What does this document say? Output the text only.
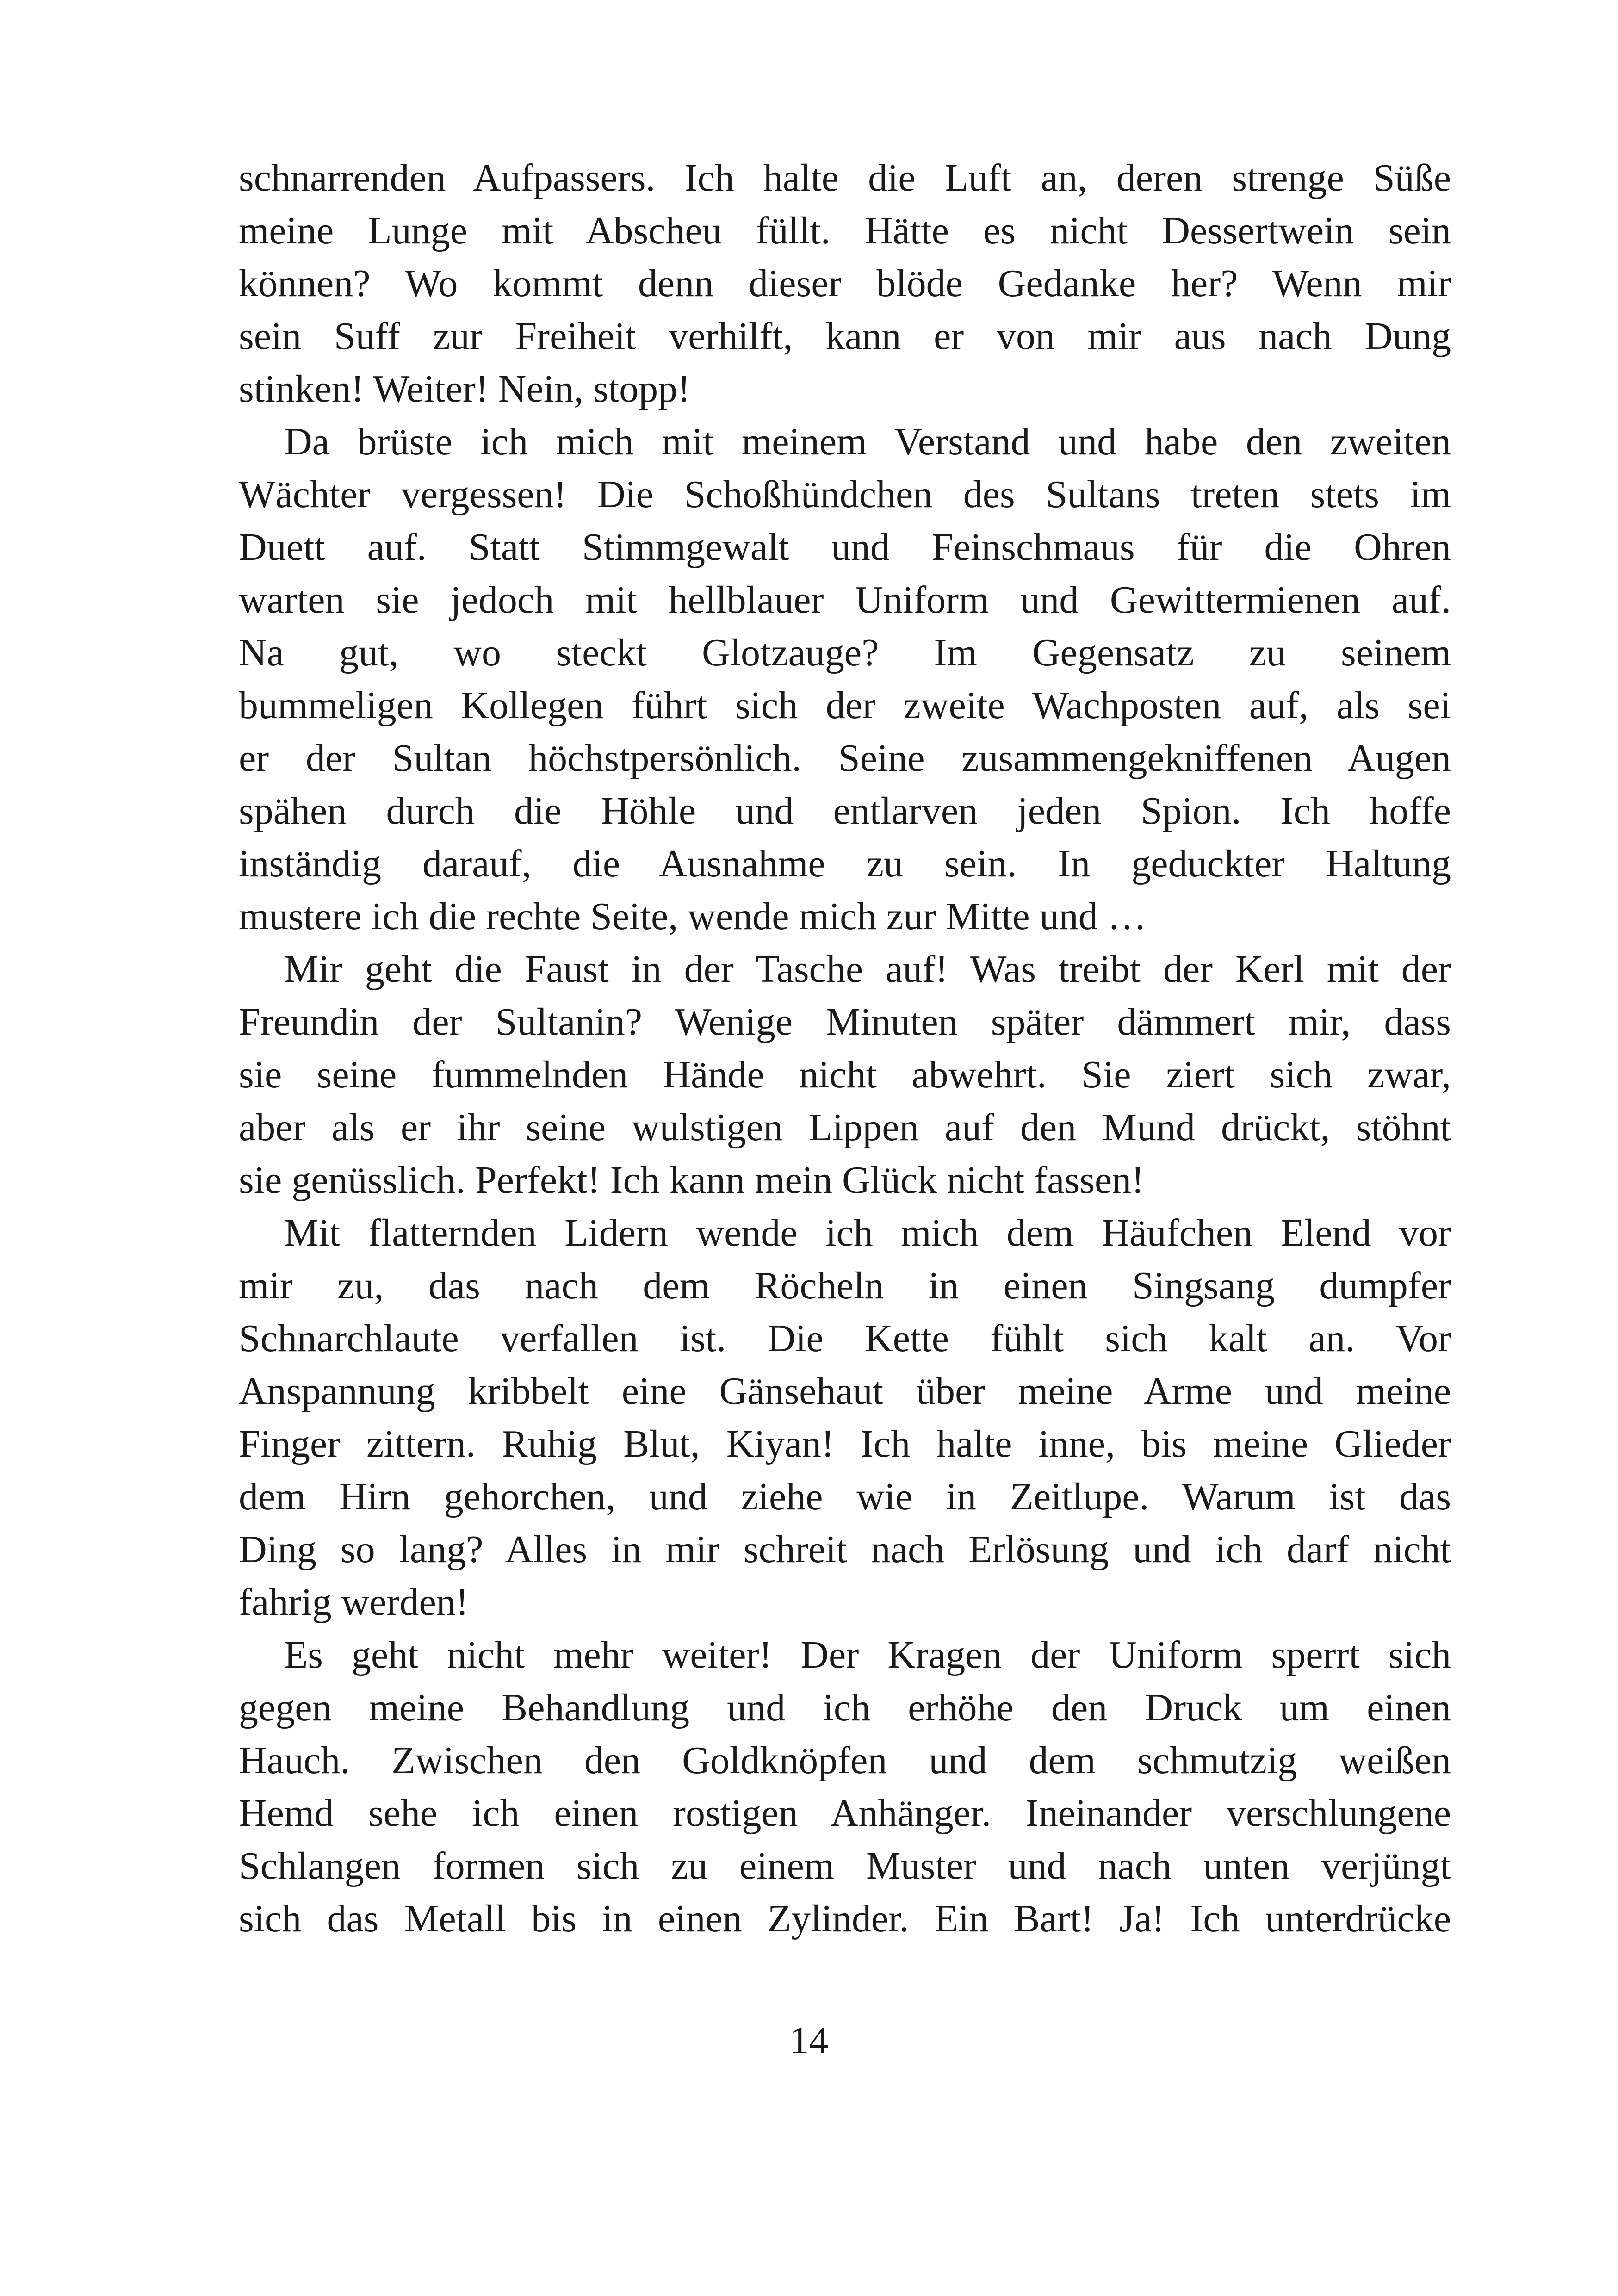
schnarrenden Aufpassers. Ich halte die Luft an, deren strenge Süße
meine Lunge mit Abscheu füllt. Hätte es nicht Dessertwein sein
können? Wo kommt denn dieser blöde Gedanke her? Wenn mir
sein Suff zur Freiheit verhilft, kann er von mir aus nach Dung
stinken! Weiter! Nein, stopp!
Da brüste ich mich mit meinem Verstand und habe den zweiten
Wächter vergessen! Die Schoßhündchen des Sultans treten stets im
Duett auf. Statt Stimmgewalt und Feinschmaus für die Ohren
warten sie jedoch mit hellblauer Uniform und Gewittermienen auf.
Na gut, wo steckt Glotzauge? Im Gegensatz zu seinem
bummeligen Kollegen führt sich der zweite Wachposten auf, als sei
er der Sultan höchstpersönlich. Seine zusammengekniffenen Augen
spähen durch die Höhle und entlarven jeden Spion. Ich hoffe
inständig darauf, die Ausnahme zu sein. In geduckter Haltung
mustere ich die rechte Seite, wende mich zur Mitte und …
Mir geht die Faust in der Tasche auf! Was treibt der Kerl mit der
Freundin der Sultanin? Wenige Minuten später dämmert mir, dass
sie seine fummelnden Hände nicht abwehrt. Sie ziert sich zwar,
aber als er ihr seine wulstigen Lippen auf den Mund drückt, stöhnt
sie genüsslich. Perfekt! Ich kann mein Glück nicht fassen!
Mit flatternden Lidern wende ich mich dem Häufchen Elend vor
mir zu, das nach dem Röcheln in einen Singsang dumpfer
Schnarchlaute verfallen ist. Die Kette fühlt sich kalt an. Vor
Anspannung kribbelt eine Gänsehaut über meine Arme und meine
Finger zittern. Ruhig Blut, Kiyan! Ich halte inne, bis meine Glieder
dem Hirn gehorchen, und ziehe wie in Zeitlupe. Warum ist das
Ding so lang? Alles in mir schreit nach Erlösung und ich darf nicht
fahrig werden!
Es geht nicht mehr weiter! Der Kragen der Uniform sperrt sich
gegen meine Behandlung und ich erhöhe den Druck um einen
Hauch. Zwischen den Goldknöpfen und dem schmutzig weißen
Hemd sehe ich einen rostigen Anhänger. Ineinander verschlungene
Schlangen formen sich zu einem Muster und nach unten verjüngt
sich das Metall bis in einen Zylinder. Ein Bart! Ja! Ich unterdrücke
14
